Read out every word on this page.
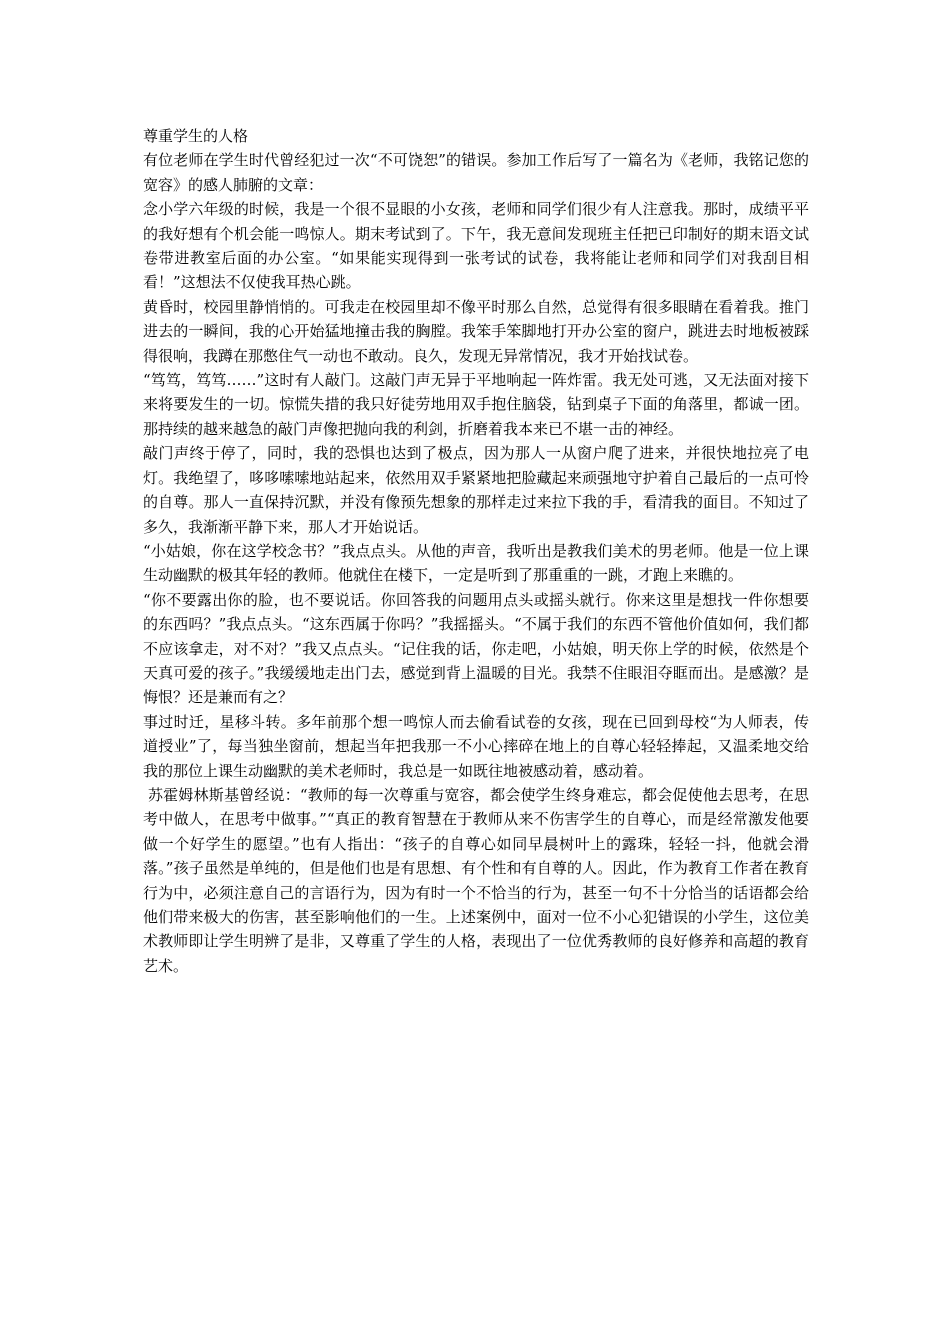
尊重学生的人格

有位老师在学生时代曾经犯过一次“不可饶恕”的错误。参加工作后写了一篇名为《老师，我铭记您的宽容》的感人肺腑的文章：

念小学六年级的时候，我是一个很不显眼的小女孩，老师和同学们很少有人注意我。那时，成绩平平的我好想有个机会能一鸣惊人。期末考试到了。下午，我无意间发现班主任把已印制好的期末语文试卷带进教室后面的办公室。“如果能实现得到一张考试的试卷，我将能让老师和同学们对我刮目相看！”这想法不仅使我耳热心跳。

黄昏时，校园里静悄悄的。可我走在校园里却不像平时那么自然，总觉得有很多眼睛在看着我。推门进去的一瞬间，我的心开始猛地撞击我的胸膛。我笨手笨脚地打开办公室的窗户，跳进去时地板被踩得很响，我蹲在那憋住气一动也不敢动。良久，发现无异常情况，我才开始找试卷。

“笃笃，笃笃……”这时有人敲门。这敲门声无异于平地响起一阵炸雷。我无处可逃，又无法面对接下来将要发生的一切。惊慌失措的我只好徒劳地用双手抱住脑袋，钻到桌子下面的角落里，都诚一团。那持续的越来越急的敲门声像把抛向我的利剑，折磨着我本来已不堪一击的神经。

敲门声终于停了，同时，我的恐惧也达到了极点，因为那人一从窗户爬了进来，并很快地拉亮了电灯。我绝望了，哆哆嗦嗦地站起来，依然用双手紧紧地把脸藏起来顽强地守护着自己最后的一点可怜的自尊。那人一直保持沉默，并没有像预先想象的那样走过来拉下我的手，看清我的面目。不知过了多久，我渐渐平静下来，那人才开始说话。

“小姑娘，你在这学校念书？”我点点头。从他的声音，我听出是教我们美术的男老师。他是一位上课生动幽默的极其年轻的教师。他就住在楼下，一定是听到了那重重的一跳，才跑上来瞧的。

“你不要露出你的脸，也不要说话。你回答我的问题用点头或摇头就行。你来这里是想找一件你想要的东西吗？”我点点头。“这东西属于你吗？”我摇摇头。“不属于我们的东西不管他价值如何，我们都不应该拿走，对不对？”我又点点头。“记住我的话，你走吧，小姑娘，明天你上学的时候，依然是个天真可爱的孩子。”我缓缓地走出门去，感觉到背上温暖的目光。我禁不住眼泪夺眶而出。是感激？是悔恨？还是兼而有之？

事过时迁，星移斗转。多年前那个想一鸣惊人而去偷看试卷的女孩，现在已回到母校“为人师表，传道授业”了，每当独坐窗前，想起当年把我那一不小心摔碎在地上的自尊心轻轻捧起，又温柔地交给我的那位上课生动幽默的美术老师时，我总是一如既往地被感动着，感动着。

苏霍姆林斯基曾经说：“教师的每一次尊重与宽容，都会使学生终身难忘，都会促使他去思考，在思考中做人，在思考中做事。”“真正的教育智慧在于教师从来不伤害学生的自尊心，而是经常激发他要做一个好学生的愿望。”也有人指出：“孩子的自尊心如同早晨树叶上的露珠，轻轻一抖，他就会滑落。”孩子虽然是单纯的，但是他们也是有思想、有个性和有自尊的人。因此，作为教育工作者在教育行为中，必须注意自己的言语行为，因为有时一个不恰当的行为，甚至一句不十分恰当的话语都会给他们带来极大的伤害，甚至影响他们的一生。上述案例中，面对一位不小心犯错误的小学生，这位美术教师即让学生明辨了是非，又尊重了学生的人格，表现出了一位优秀教师的良好修养和高超的教育艺术。
